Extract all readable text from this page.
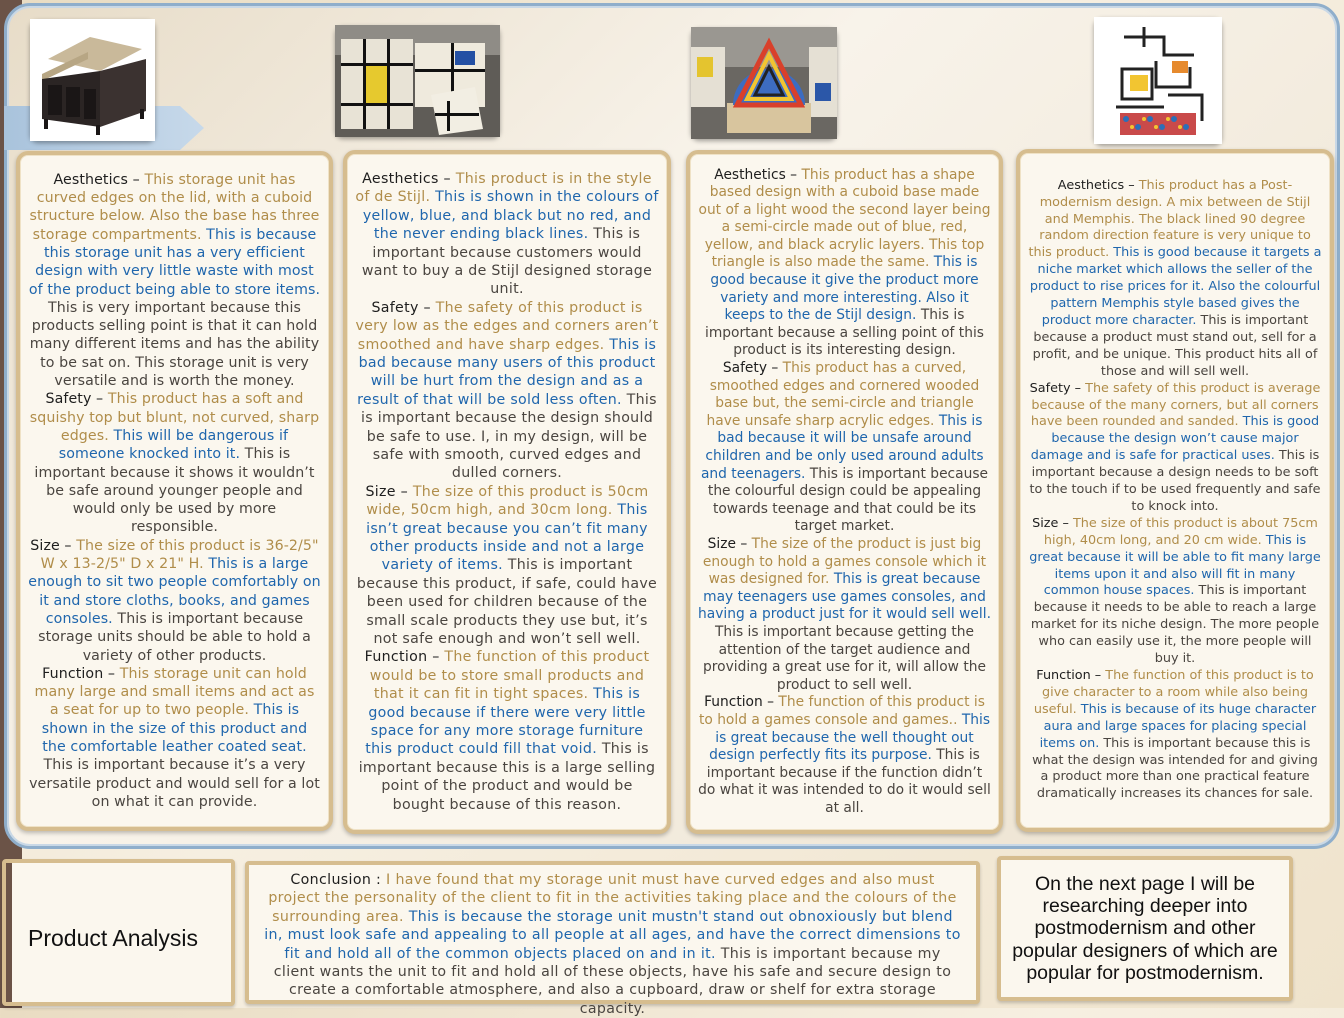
Aesthetics – This storage unit has curved edges on the lid, with a cuboid structure below. Also the base has three storage compartments. This is because this storage unit has a very efficient design with very little waste with most of the product being able to store items. This is very important because this products selling point is that it can hold many different items and has the ability to be sat on. This storage unit is very versatile and is worth the money.

Safety – This product has a soft and squishy top but blunt, not curved, sharp edges. This will be dangerous if someone knocked into it. This is important because it shows it wouldn’t be safe around younger people and would only be used by more responsible.

Size – The size of this product is 36-2/5" W x 13-2/5" D x 21" H. This is a large enough to sit two people comfortably on it and store cloths, books, and games consoles. This is important because storage units should be able to hold a variety of other products.

Function – This storage unit can hold many large and small items and act as a seat for up to two people. This is shown in the size of this product and the comfortable leather coated seat. This is important because it’s a very versatile product and would sell for a lot on what it can provide.

Aesthetics – This product is in the style of de Stijl. This is shown in the colours of yellow, blue, and black but no red, and the never ending black lines. This is important because customers would want to buy a de Stijl designed storage unit.

Safety – The safety of this product is very low as the edges and corners aren’t smoothed and have sharp edges. This is bad because many users of this product will be hurt from the design and as a result of that will be sold less often. This is important because the design should be safe to use. I, in my design, will be safe with smooth, curved edges and dulled corners.

Size – The size of this product is 50cm wide, 50cm high, and 30cm long. This isn’t great because you can’t fit many other products inside and not a large variety of items. This is important because this product, if safe, could have been used for children because of the small scale products they use but, it’s not safe enough and won’t sell well.

Function – The function of this product would be to store small products and that it can fit in tight spaces. This is good because if there were very little space for any more storage furniture this product could fill that void. This is important because this is a large selling point of the product and would be bought because of this reason.

Aesthetics – This product has a shape based design with a cuboid base made out of a light wood the second layer being a semi-circle made out of blue, red, yellow, and black acrylic layers. This top triangle is also made the same. This is good because it give the product more variety and more interesting. Also it keeps to the de Stijl design. This is important because a selling point of this product is its interesting design.

Safety – This product has a curved, smoothed edges and cornered wooded base but, the semi-circle and triangle have unsafe sharp acrylic edges. This is bad because it will be unsafe around children and be only used around adults and teenagers. This is important because the colourful design could be appealing towards teenage and that could be its target market.

Size – The size of the product is just big enough to hold a games console which it was designed for. This is great because may teenagers use games consoles, and having a product just for it would sell well. This is important because getting the attention of the target audience and providing a great use for it, will allow the product to sell well.

Function – The function of this product is to hold a games console and games.. This is great because the well thought out design perfectly fits its purpose. This is important because if the function didn’t do what it was intended to do it would sell at all.

Aesthetics – This product has a Post-modernism design. A mix between de Stijl and Memphis. The black lined 90 degree random direction feature is very unique to this product. This is good because it targets a niche market which allows the seller of the product to rise prices for it. Also the colourful pattern Memphis style based gives the product more character. This is important because a product must stand out, sell for a profit, and be unique. This product hits all of those and will sell well.

Safety – The safety of this product is average because of the many corners, but all corners have been rounded and sanded. This is good because the design won’t cause major damage and is safe for practical uses. This is important because a design needs to be soft to the touch if to be used frequently and safe to knock into.

Size – The size of this product is about 75cm high, 40cm long, and 20 cm wide. This is great because it will be able to fit many large items upon it and also will fit in many common house spaces. This is important because it needs to be able to reach a large market for its niche design. The more people who can easily use it, the more people will buy it.

Function – The function of this product is to give character to a room while also being useful. This is because of its huge character aura and large spaces for placing special items on. This is important because this is what the design was intended for and giving a product more than one practical feature dramatically increases its chances for sale.

Product Analysis

Conclusion : I have found that my storage unit must have curved edges and also must project the personality of the client to fit in the activities taking place and the colours of the surrounding area. This is because the storage unit mustn't stand out obnoxiously but blend in, must look safe and appealing to all people at all ages, and have the correct dimensions to fit and hold all of the common objects placed on and in it. This is important because my client wants the unit to fit and hold all of these objects, have his safe and secure design to create a comfortable atmosphere, and also a cupboard, draw or shelf for extra storage capacity.

On the next page I will be researching deeper into postmodernism and other popular designers of which are popular for postmodernism.
